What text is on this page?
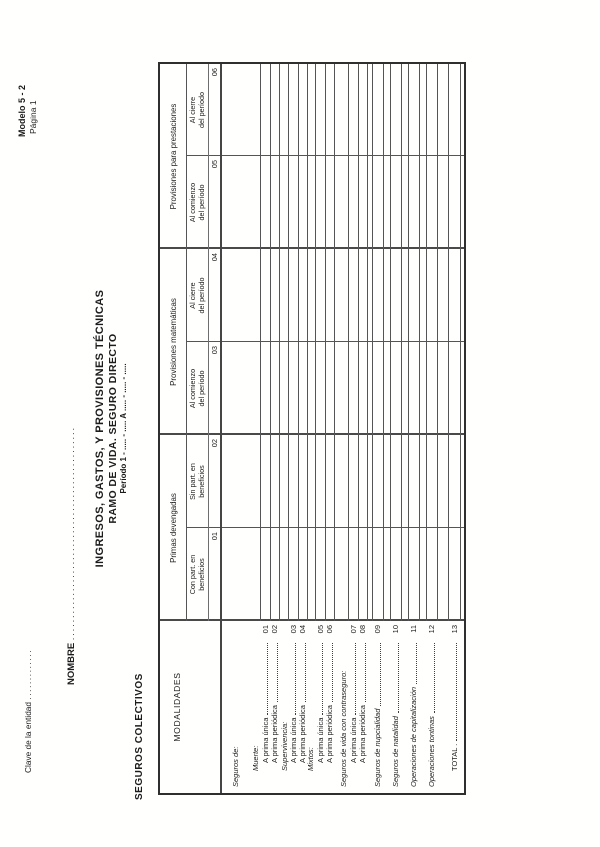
Clave de la entidad

.............
Modelo 5 - 2 Página 1
NOMBRE

................................................ INGRESOS, GASTOS, Y PROVISIONES TÉCNICAS RAMO DE VIDA. SEGURO DIRECTO Período 1 - ..... - ..... A ..... - ..... - .....
SEGUROS COLECTIVOS	MODALIDADES
Primas devengadas
Provisiones matemáticas
Provisiones para prestaciones
Con part. en
beneficios
Sin part. en
beneficios
Al comienzo
del período
Al cierre
del período
Al comienzo
del período
Al cierre
del período
01
02
03
04
05
06
Seguros de: Muerte: A prima única
01
A prima periódica
02
Supervivencia: A prima única
03
A prima periódica
04
Mixtos: A prima única
05
A prima periódica
06
Seguros de vida con contraseguro: A prima única
07
A prima periódica
08
Seguros de nupcialidad
09
Seguros de natalidad
10
Operaciones de capitalización
11
Operaciones tontinas
12
TOTAL .
13
